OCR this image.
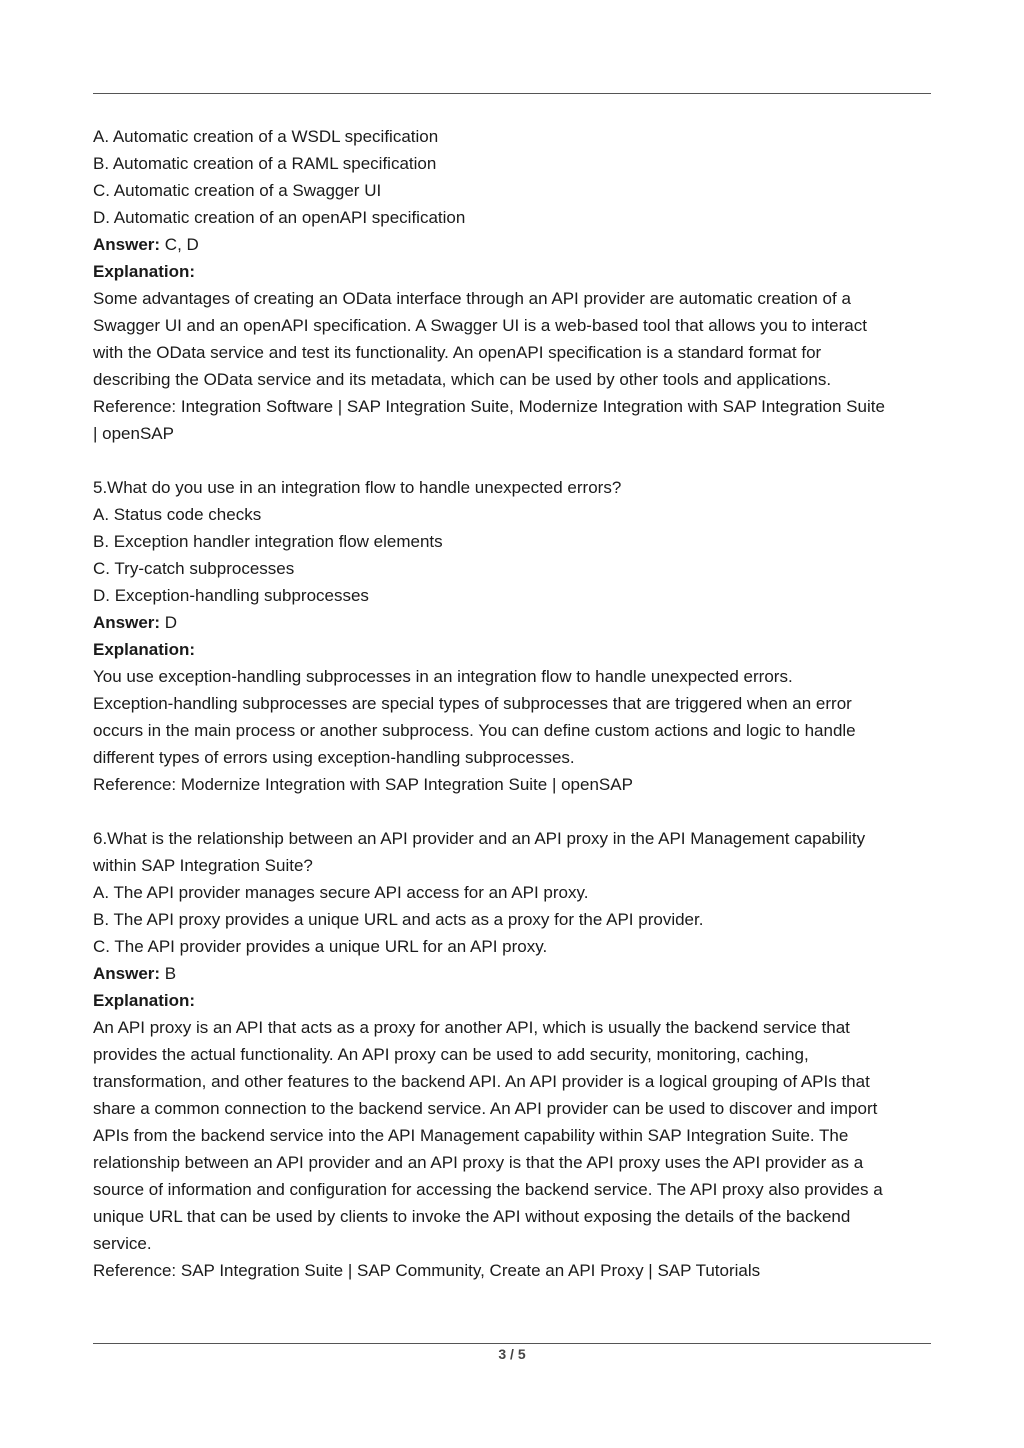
A. Automatic creation of a WSDL specification
B. Automatic creation of a RAML specification
C. Automatic creation of a Swagger UI
D. Automatic creation of an openAPI specification
Answer: C, D
Explanation:
Some advantages of creating an OData interface through an API provider are automatic creation of a
Swagger UI and an openAPI specification. A Swagger UI is a web-based tool that allows you to interact
with the OData service and test its functionality. An openAPI specification is a standard format for
describing the OData service and its metadata, which can be used by other tools and applications.
Reference: Integration Software | SAP Integration Suite, Modernize Integration with SAP Integration Suite
| openSAP
5.What do you use in an integration flow to handle unexpected errors?
A. Status code checks
B. Exception handler integration flow elements
C. Try-catch subprocesses
D. Exception-handling subprocesses
Answer: D
Explanation:
You use exception-handling subprocesses in an integration flow to handle unexpected errors.
Exception-handling subprocesses are special types of subprocesses that are triggered when an error
occurs in the main process or another subprocess. You can define custom actions and logic to handle
different types of errors using exception-handling subprocesses.
Reference: Modernize Integration with SAP Integration Suite | openSAP
6.What is the relationship between an API provider and an API proxy in the API Management capability
within SAP Integration Suite?
A. The API provider manages secure API access for an API proxy.
B. The API proxy provides a unique URL and acts as a proxy for the API provider.
C. The API provider provides a unique URL for an API proxy.
Answer: B
Explanation:
An API proxy is an API that acts as a proxy for another API, which is usually the backend service that
provides the actual functionality. An API proxy can be used to add security, monitoring, caching,
transformation, and other features to the backend API. An API provider is a logical grouping of APIs that
share a common connection to the backend service. An API provider can be used to discover and import
APIs from the backend service into the API Management capability within SAP Integration Suite. The
relationship between an API provider and an API proxy is that the API proxy uses the API provider as a
source of information and configuration for accessing the backend service. The API proxy also provides a
unique URL that can be used by clients to invoke the API without exposing the details of the backend
service.
Reference: SAP Integration Suite | SAP Community, Create an API Proxy | SAP Tutorials
3 / 5
